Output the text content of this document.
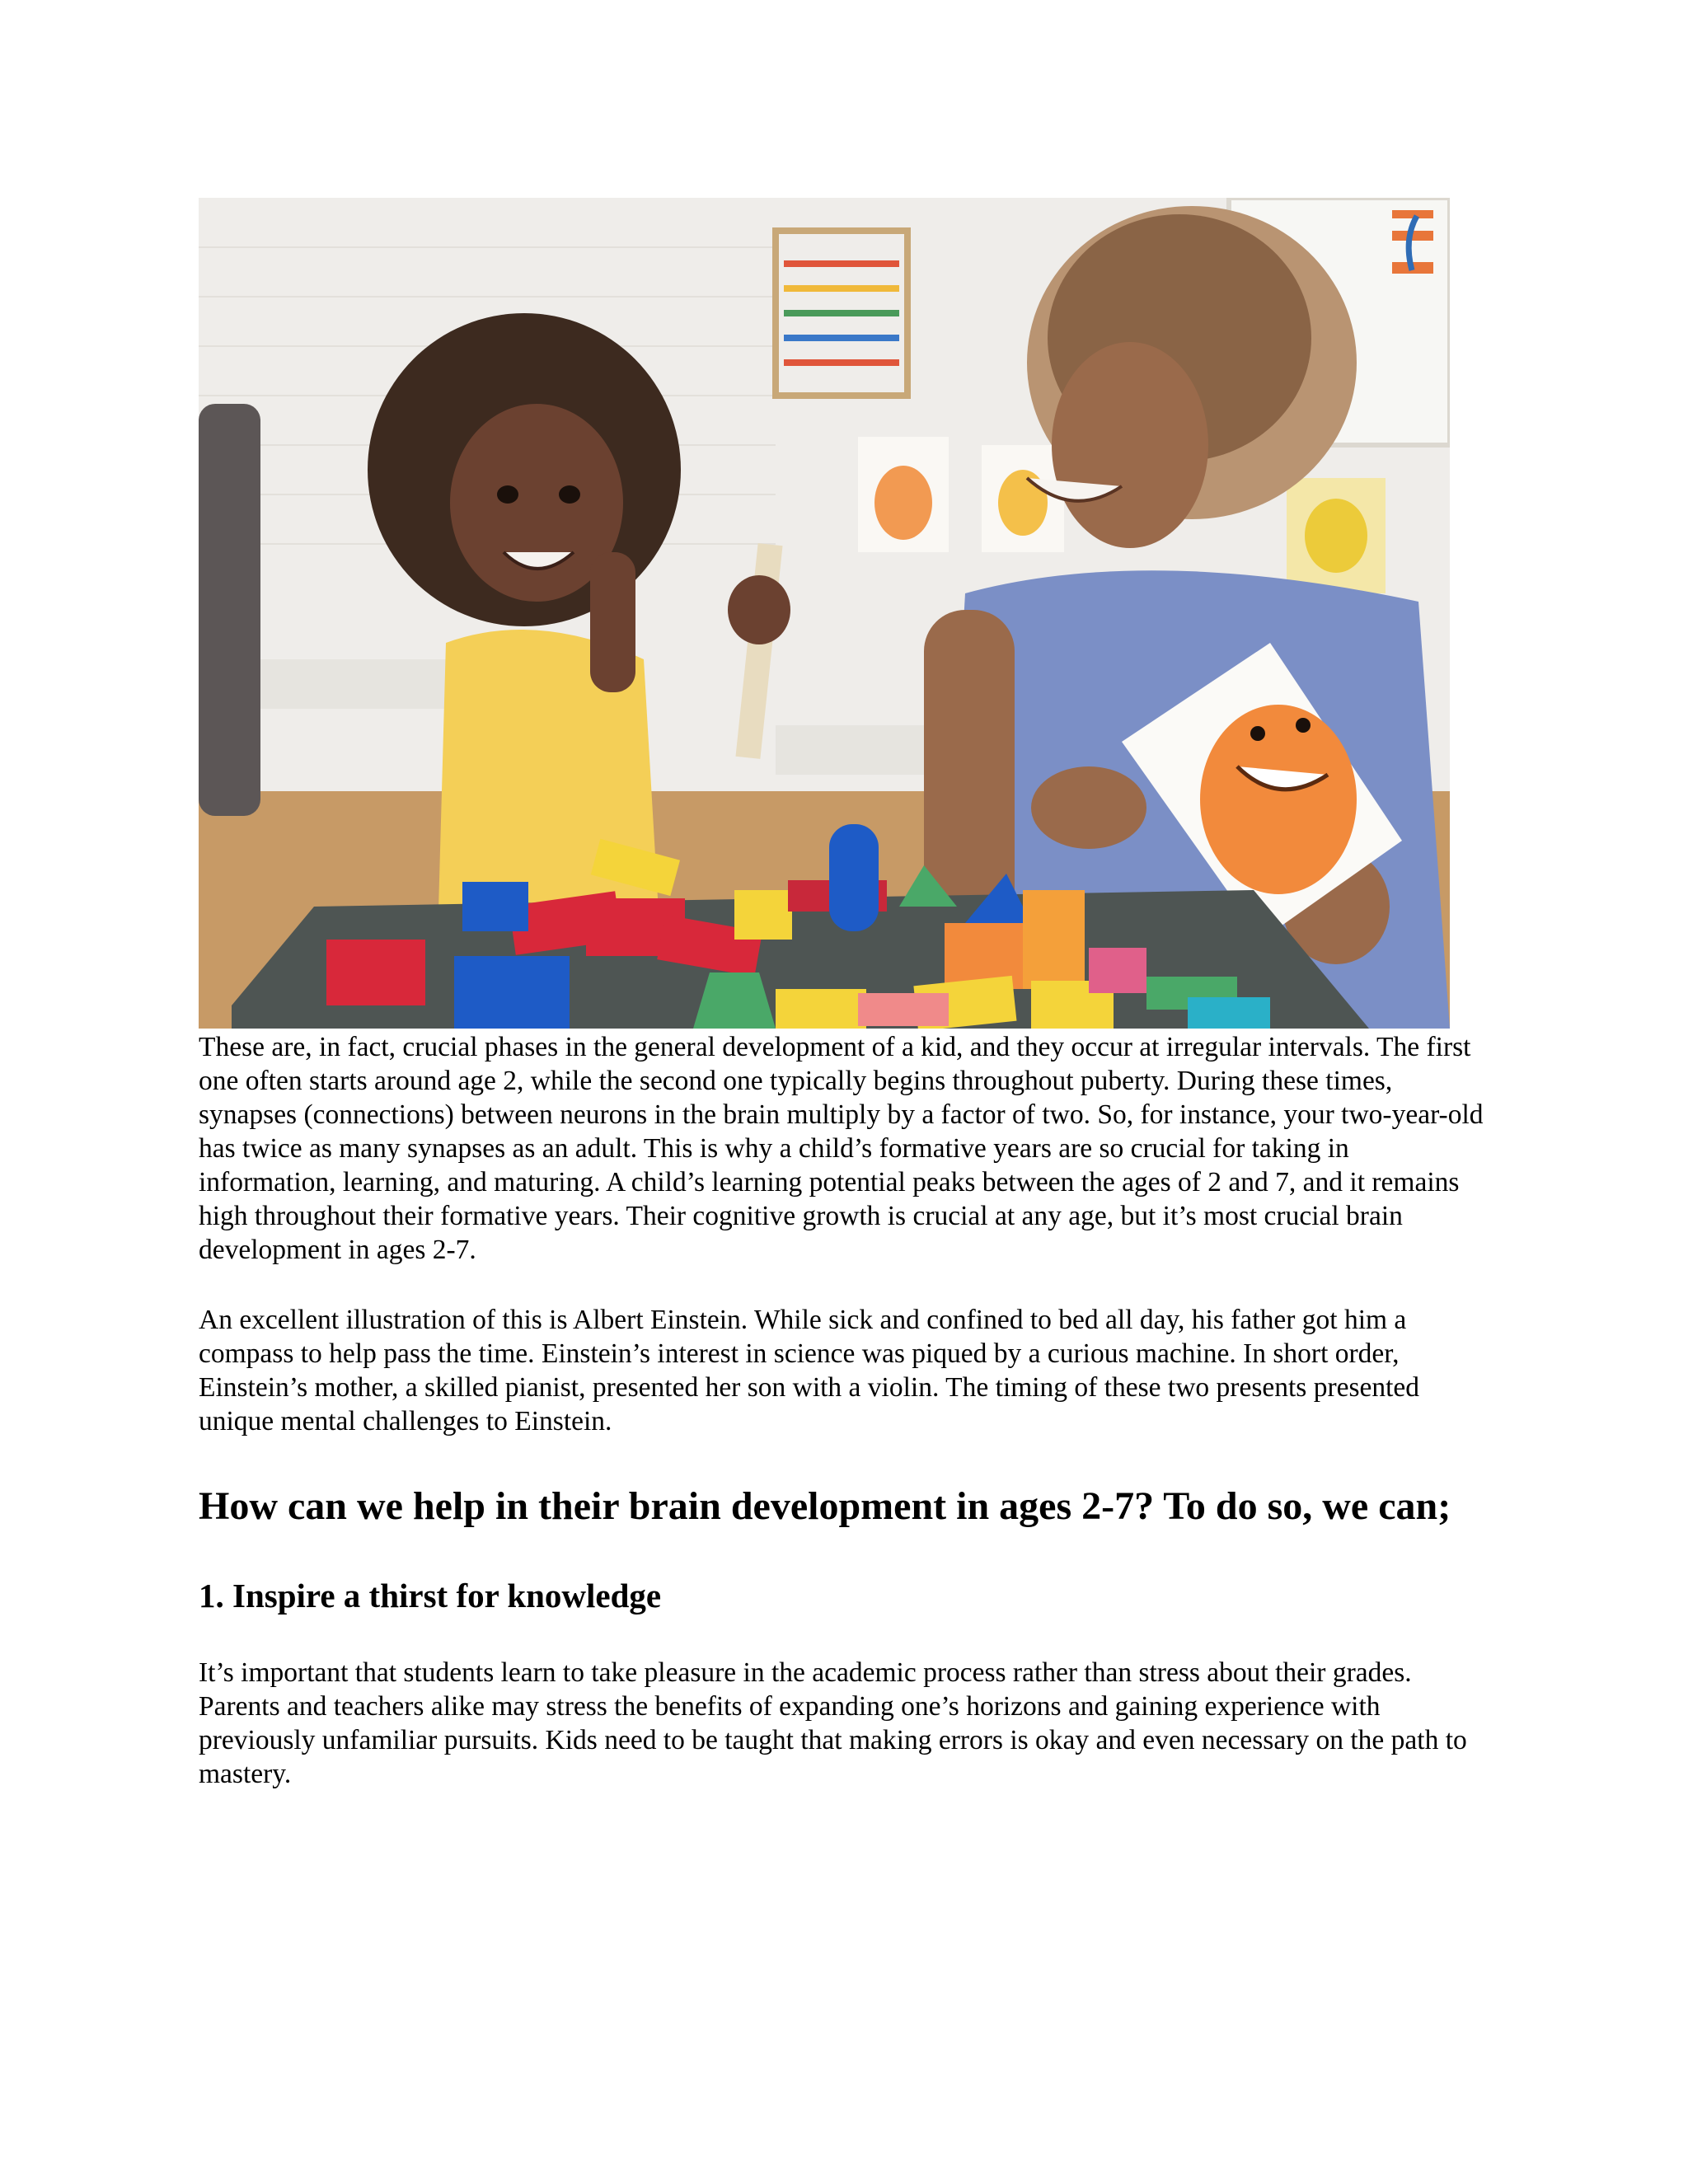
These are, in fact, crucial phases in the general development of a kid, and they occur at irregular intervals. The first one often starts around age 2, while the second one typically begins throughout puberty. During these times, synapses (connections) between neurons in the brain multiply by a factor of two. So, for instance, your two-year-old has twice as many synapses as an adult. This is why a child’s formative years are so crucial for taking in information, learning, and maturing. A child’s learning potential peaks between the ages of 2 and 7, and it remains high throughout their formative years. Their cognitive growth is crucial at any age, but it’s most crucial brain development in ages 2-7.

An excellent illustration of this is Albert Einstein. While sick and confined to bed all day, his father got him a compass to help pass the time. Einstein’s interest in science was piqued by a curious machine. In short order, Einstein’s mother, a skilled pianist, presented her son with a violin. The timing of these two presents presented unique mental challenges to Einstein.

How can we help in their brain development in ages 2-7? To do so, we can;
1. Inspire a thirst for knowledge

It’s important that students learn to take pleasure in the academic process rather than stress about their grades. Parents and teachers alike may stress the benefits of expanding one’s horizons and gaining experience with previously unfamiliar pursuits. Kids need to be taught that making errors is okay and even necessary on the path to mastery.
